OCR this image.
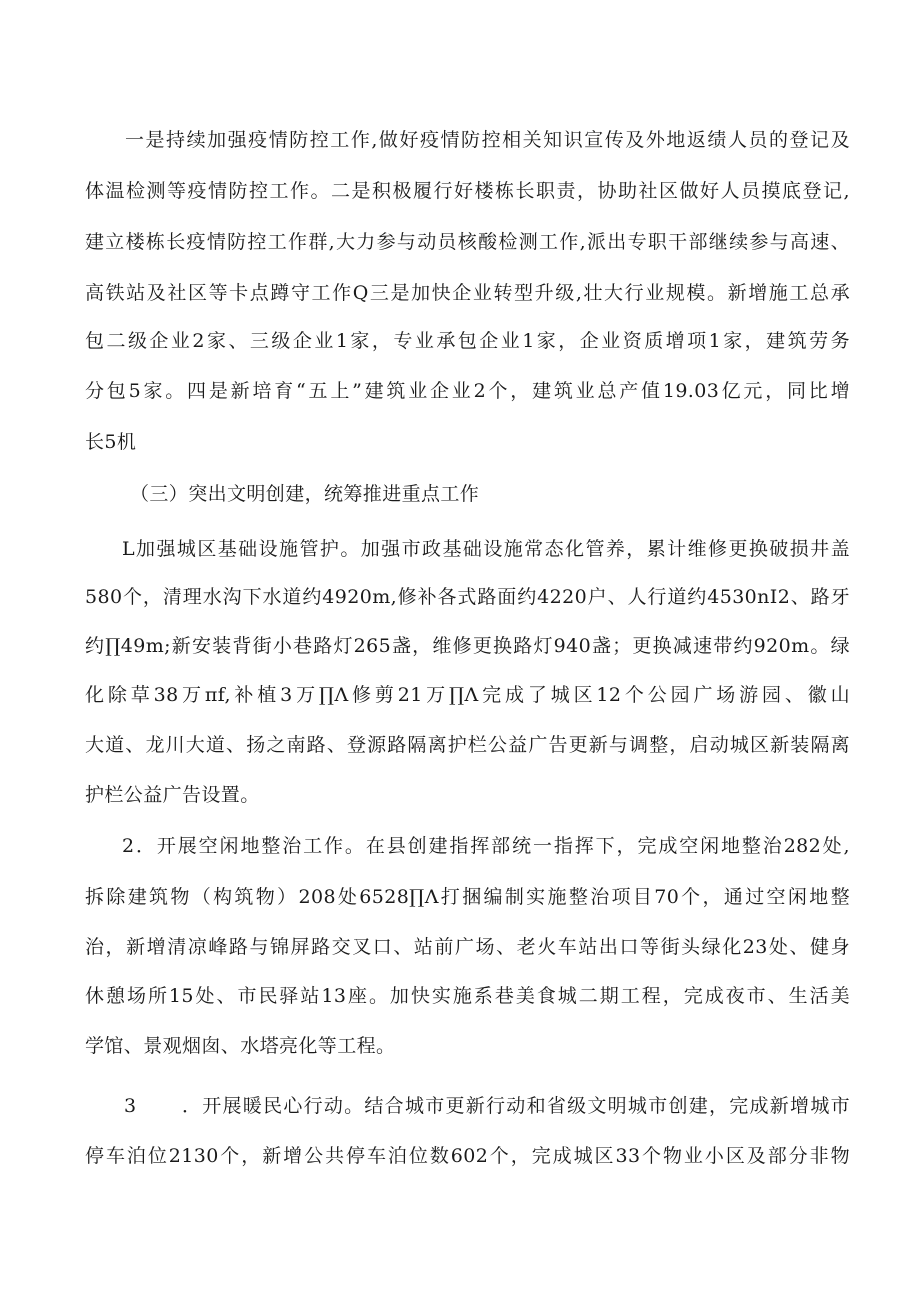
一是持续加强疫情防控工作,做好疫情防控相关知识宣传及外地返绩人员的登记及
体温检测等疫情防控工作。二是积极履行好楼栋长职责，协助社区做好人员摸底登记,
建立楼栋长疫情防控工作群,大力参与动员核酸检测工作,派出专职干部继续参与高速、
高铁站及社区等卡点蹲守工作Q三是加快企业转型升级,壮大行业规模。新增施工总承
包二级企业2家、三级企业1家，专业承包企业1家，企业资质增项1家，建筑劳务
分包5家。四是新培育“五上”建筑业企业2个，建筑业总产值19.03亿元，同比增
长5机
（三）突出文明创建，统筹推进重点工作
L加强城区基础设施管护。加强市政基础设施常态化管养，累计维修更换破损井盖
580个，清理水沟下水道约4920m,修补各式路面约4220户、人行道约4530nI2、路牙
约∏49m;新安装背街小巷路灯265盏，维修更换路灯940盏；更换减速带约920m。绿
化除草38万πf,补植3万∏Λ修剪21万∏Λ完成了城区12个公园广场游园、徽山
大道、龙川大道、扬之南路、登源路隔离护栏公益广告更新与调整，启动城区新装隔离
护栏公益广告设置。
2．开展空闲地整治工作。在县创建指挥部统一指挥下，完成空闲地整治282处,
拆除建筑物（构筑物）208处6528∏Λ打捆编制实施整治项目70个，通过空闲地整
治，新增清凉峰路与锦屏路交叉口、站前广场、老火车站出口等街头绿化23处、健身
休憩场所15处、市民驿站13座。加快实施系巷美食城二期工程，完成夜市、生活美
学馆、景观烟囱、水塔亮化等工程。
3	．开展暖民心行动。结合城市更新行动和省级文明城市创建，完成新增城市
停车泊位2130个，新增公共停车泊位数602个，完成城区33个物业小区及部分非物
